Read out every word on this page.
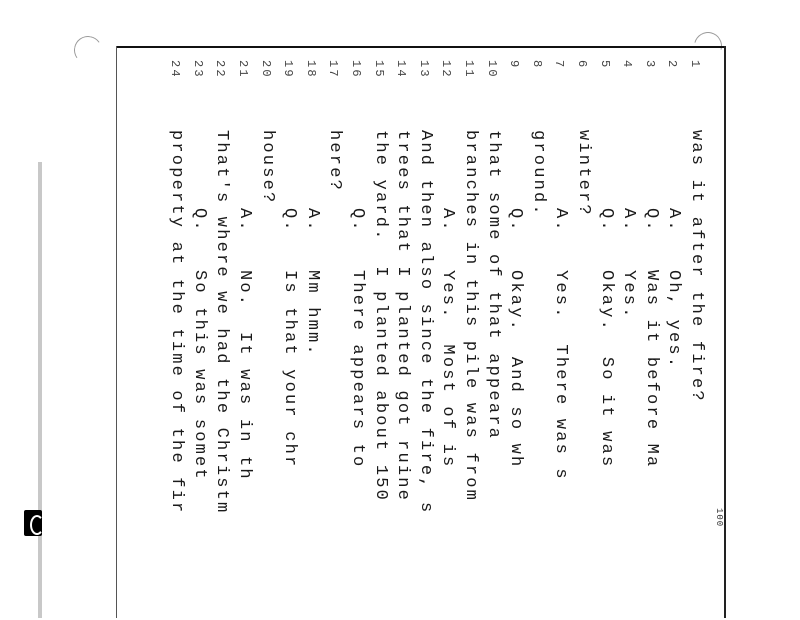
100
1
was it after the fire?
2
A.   Oh, yes.
3
Q.   Was it before Ma
4
A.   Yes.
5
Q.   Okay.  So it was
6
winter?
7
A.   Yes.  There was s
8
ground.
9
Q.   Okay.  And so wh
10
that some of that appeara
11
branches in this pile was from
12
A.   Yes.  Most of is
13
And then also since the fire, s
14
trees that I planted got ruine
15
the yard.  I planted about 150
16
Q.   There appears to
17
here?
18
A.   Mm hmm.
19
Q.   Is that your chr
20
house?
21
A.   No.  It was in th
22
That's where we had the Christm
23
Q.   So this was somet
24
property at the time of the fir
